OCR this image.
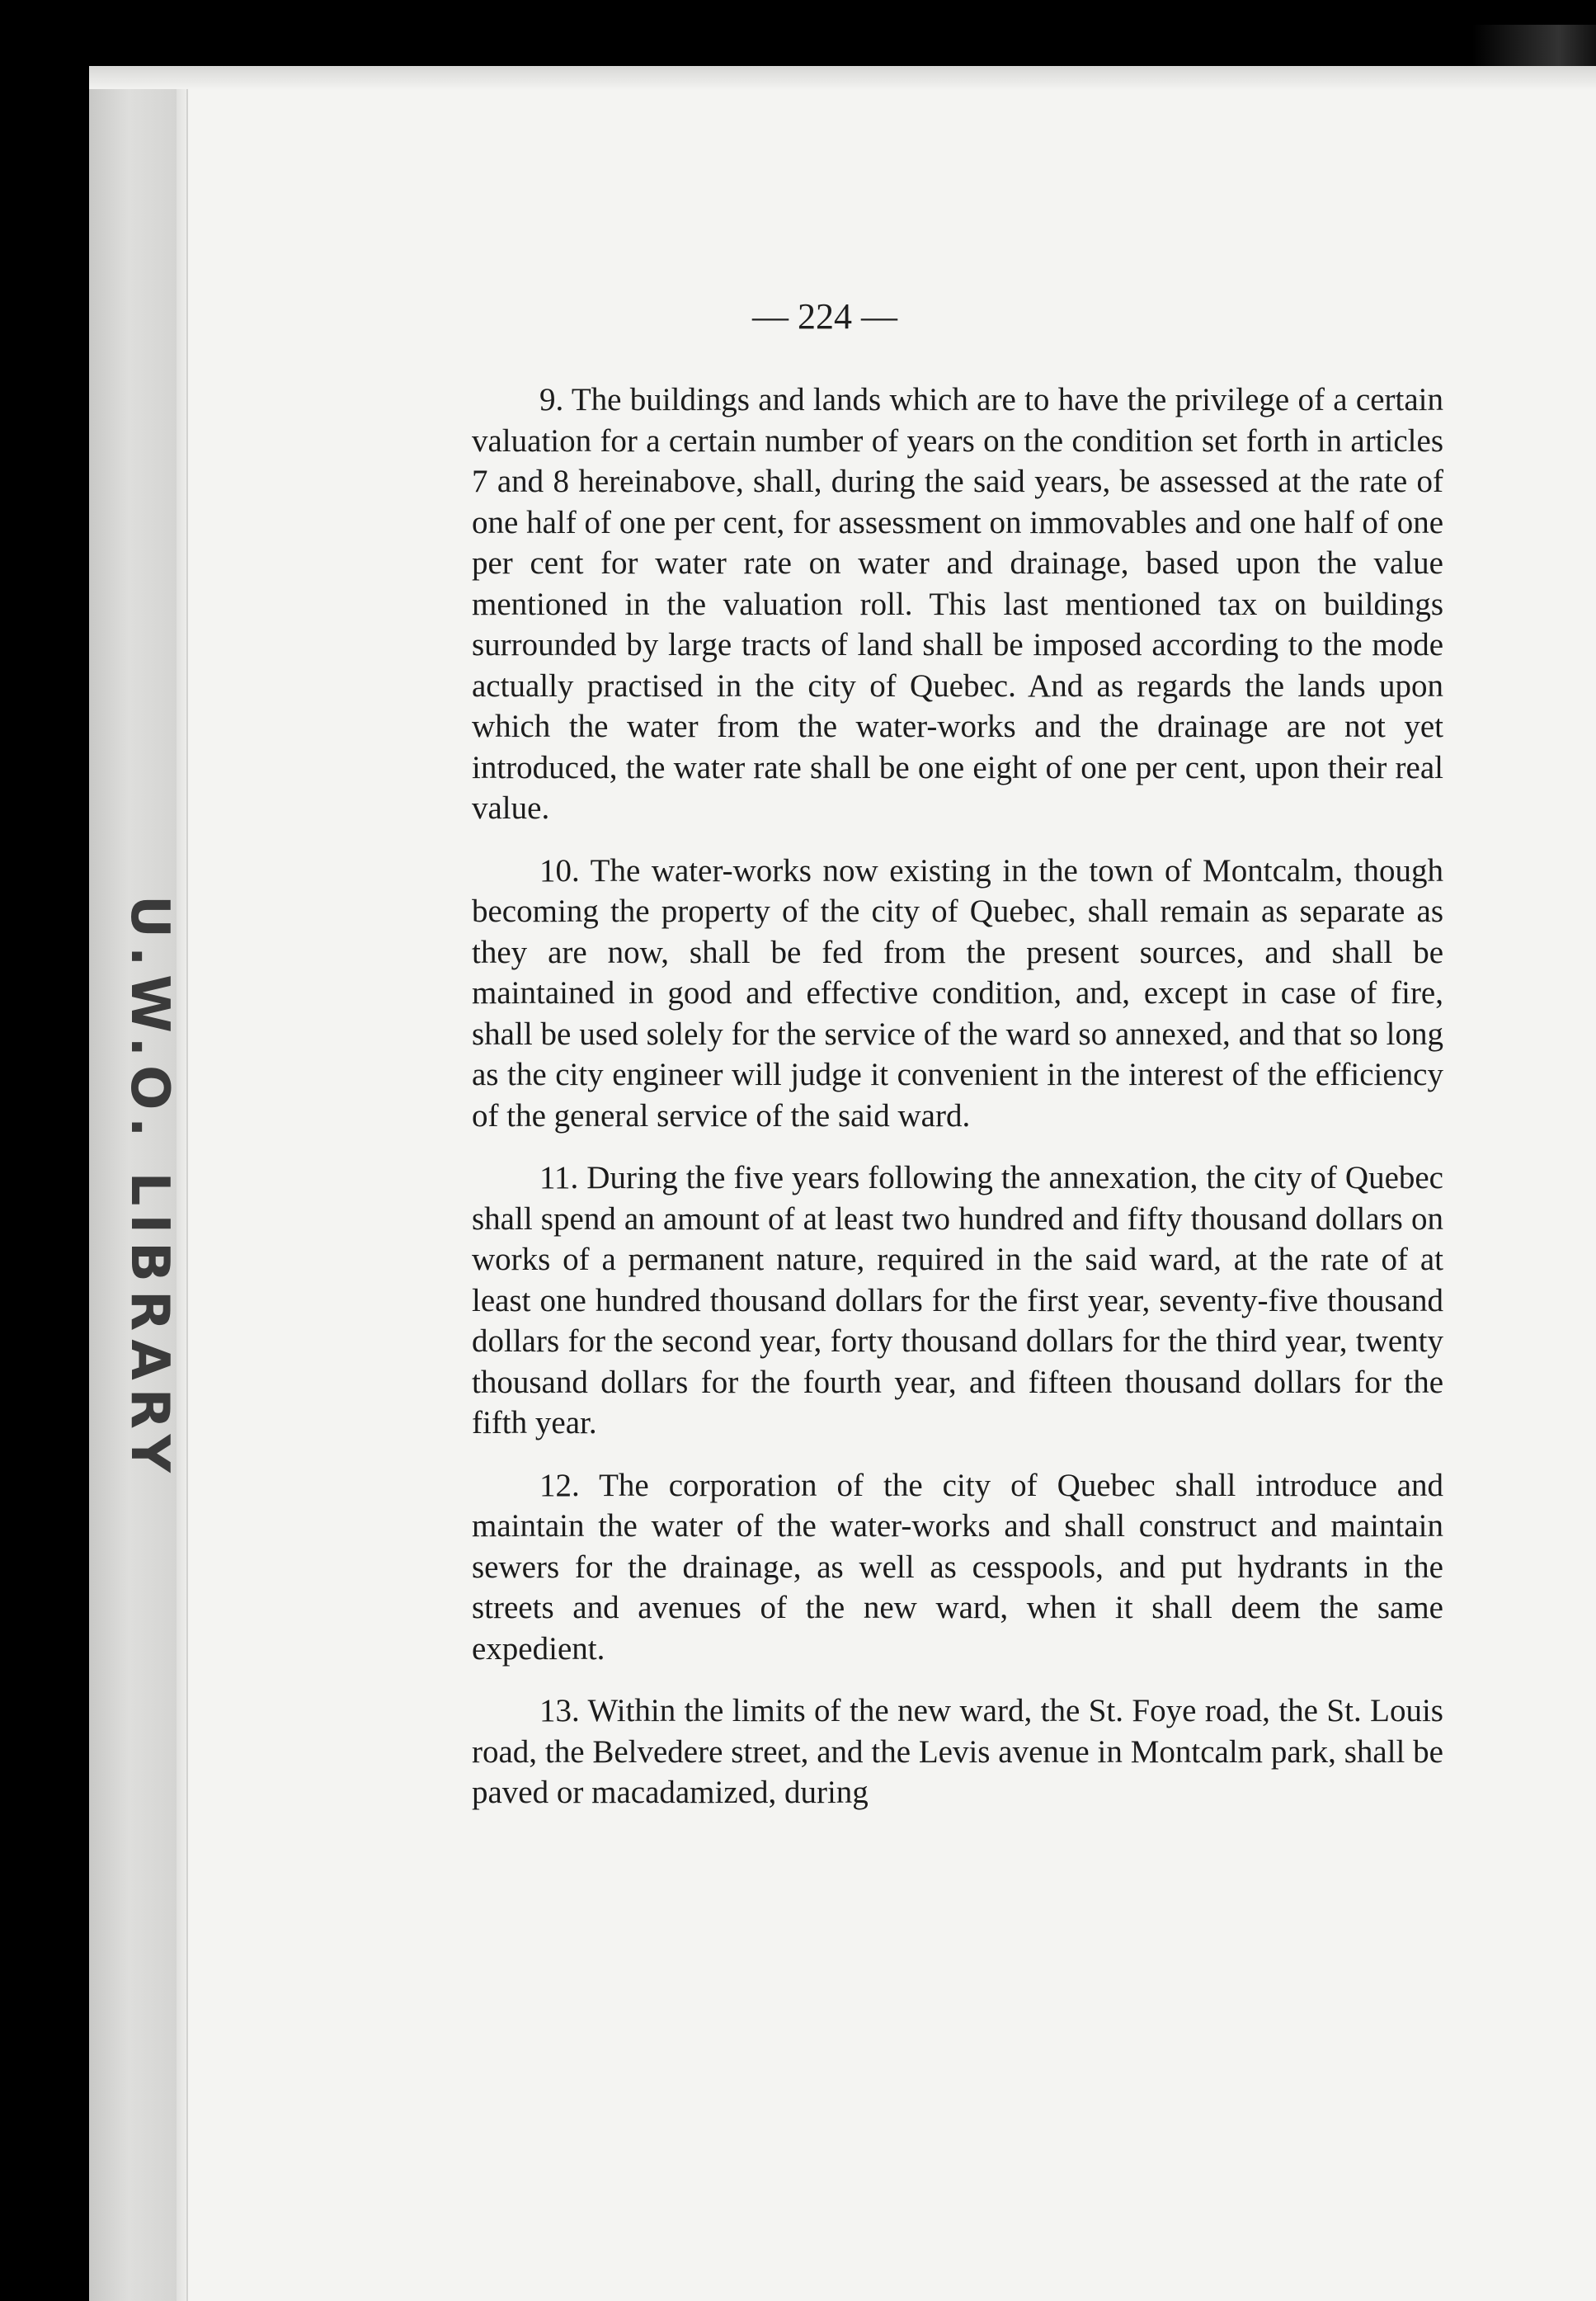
U.W.O. LIBRARY
— 224 —

9. The buildings and lands which are to have the privilege of a certain valuation for a certain number of years on the condition set forth in articles 7 and 8 hereinabove, shall, during the said years, be assessed at the rate of one half of one per cent, for assessment on immovables and one half of one per cent for water rate on water and drainage, based upon the value mentioned in the valuation roll. This last mentioned tax on buildings surrounded by large tracts of land shall be imposed according to the mode actually practised in the city of Quebec. And as regards the lands upon which the water from the water-works and the drainage are not yet introduced, the water rate shall be one eight of one per cent, upon their real value.

10. The water-works now existing in the town of Montcalm, though becoming the property of the city of Quebec, shall remain as separate as they are now, shall be fed from the present sources, and shall be maintained in good and effective condition, and, except in case of fire, shall be used solely for the service of the ward so annexed, and that so long as the city engineer will judge it convenient in the interest of the efficiency of the general service of the said ward.

11. During the five years following the annexation, the city of Quebec shall spend an amount of at least two hundred and fifty thousand dollars on works of a permanent nature, required in the said ward, at the rate of at least one hundred thousand dollars for the first year, seventy-five thousand dollars for the second year, forty thousand dollars for the third year, twenty thousand dollars for the fourth year, and fifteen thousand dollars for the fifth year.

12. The corporation of the city of Quebec shall introduce and maintain the water of the water-works and shall construct and maintain sewers for the drainage, as well as cesspools, and put hydrants in the streets and avenues of the new ward, when it shall deem the same expedient.

13. Within the limits of the new ward, the St. Foye road, the St. Louis road, the Belvedere street, and the Levis avenue in Montcalm park, shall be paved or macadamized, during
